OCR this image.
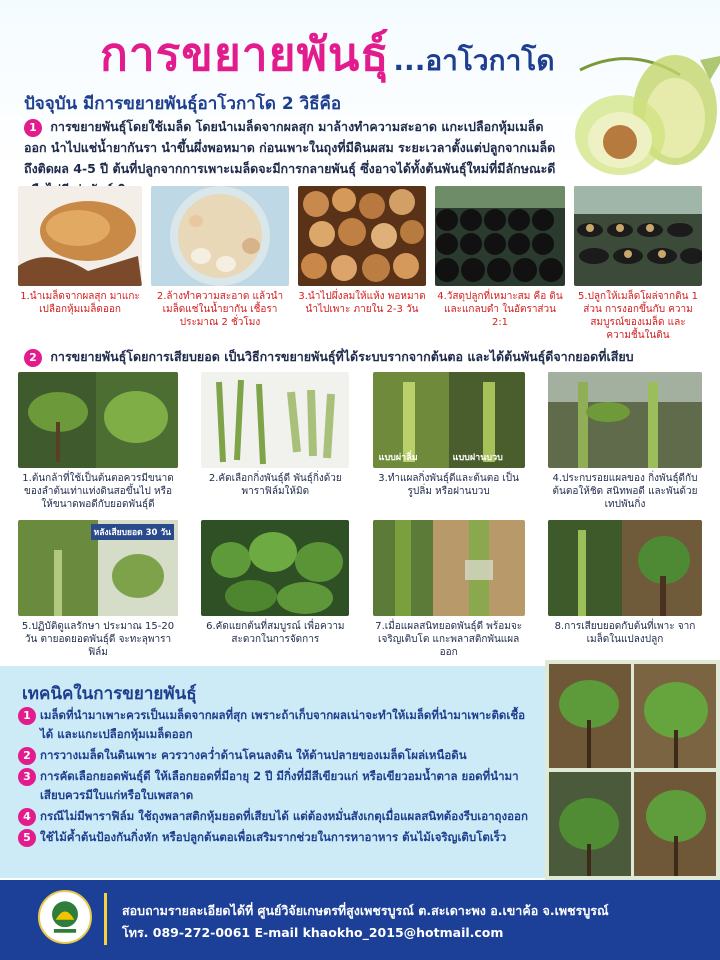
การขยายพันธุ์ ...อาโวกาโด
ปัจจุบัน มีการขยายพันธุ์อาโวกาโด 2 วิธีคือ
1 การขยายพันธุ์โดยใช้เมล็ด โดยนำเมล็ดจากผลสุก มาล้างทำความสะอาด แกะเปลือกหุ้มเมล็ดออก นำไปแช่น้ำยากันรา นำขึ้นผึ่งพอหมาด ก่อนเพาะในถุงที่มีดินผสม ระยะเวลาตั้งแต่ปลูกจากเมล็ดถึงติดผล 4-5 ปี ต้นที่ปลูกจากการเพาะเมล็ดจะมีการกลายพันธุ์ ซึ่งอาจได้ทั้งต้นพันธุ์ใหม่ที่มีลักษณะดี
1.นำเมล็ดจากผลสุก มาแกะเปลือกหุ้มเมล็ดออก
2.ล้างทำความสะอาด แล้วนำเมล็ดแช่ในน้ำยากัน เชื้อราประมาณ 2 ชั่วโมง
3.นำไปผึ่งลมให้แห้ง พอหมาด นำไปเพาะ ภายใน 2-3 วัน
4.วัสดุปลูกที่เหมาะสม คือ ดินและแกลบดำ ในอัตราส่วน 2:1
5.ปลูกให้เมล็ดโผล่จากดิน 1 ส่วน การงอกขึ้นกับ ความสมบูรณ์ของเมล็ด และความชื้นในดิน
2 การขยายพันธุ์โดยการเสียบยอด เป็นวิธีการขยายพันธุ์ที่ได้ระบบรากจากต้นตอ และได้ต้นพันธุ์ดีจากยอดที่เสียบ
1.ต้นกล้าที่ใช้เป็นต้นตอควรมีขนาด ของลำต้นเท่าแท่งดินสอขึ้นไป หรือ ให้ขนาดพอดีกับยอดพันธุ์ดี
2.คัดเลือกกิ่งพันธุ์ดี พันธุ์กิ่งด้วยพาราฟิล์มให้มิด
แบบผ่าลิ่ม	แบบฝานบวบ
3.ทำแผลกิ่งพันธุ์ดีและต้นตอ เป็นรูปลิ่ม หรือฝานบวบ
4.ประกบรอยแผลของ กิ่งพันธุ์ดีกับต้นตอให้ชิด สนิทพอดี และพันด้วยเทปพันกิ่ง
หลังเสียบยอด 30 วัน
5.ปฏิบัติดูแลรักษา ประมาณ 15-20 วัน ตายอดยอดพันธุ์ดี จะทะลุพาราฟิล์ม
6.คัดแยกต้นที่สมบูรณ์ เพื่อความสะดวกในการจัดการ
7.เมื่อแผลสนิทยอดพันธุ์ดี พร้อมจะเจริญเติบโต แกะพลาสติกพันแผลออก
8.การเสียบยอดกับต้นที่เพาะ จากเมล็ดในแปลงปลูก
เทคนิคในการขยายพันธุ์
1 เมล็ดที่นำมาเพาะควรเป็นเมล็ดจากผลที่สุก เพราะถ้าเก็บจากผลเน่าจะทำให้เมล็ดที่นำมาเพาะติดเชื้อได้ และแกะเปลือกหุ้มเมล็ดออก
2 การวางเมล็ดในดินเพาะ ควรวางคว่ำด้านโคนลงดิน ให้ด้านปลายของเมล็ดโผล่เหนือดิน
3 การคัดเลือกยอดพันธุ์ดี ให้เลือกยอดที่มีอายุ 2 ปี มีกิ่งที่มีสีเขียวแก่ หรือเขียวอมน้ำตาล ยอดที่นำมาเสียบควรมีใบแก่หรือใบเพสลาด
4 กรณีไม่มีพาราฟิล์ม ใช้ถุงพลาสติกหุ้มยอดที่เสียบได้ แต่ต้องหมั่นสังเกตุเมื่อแผลสนิทต้องรีบเอาถุงออก
5 ใช้ไม้ค้ำต้นป้องกันกิ่งหัก หรือปลูกต้นตอเพื่อเสริมรากช่วยในการหาอาหาร ต้นไม้เจริญเติบโตเร็ว
สอบถามรายละเอียดได้ที่ ศูนย์วิจัยเกษตรที่สูงเพชรบูรณ์ ต.สะเดาะพง อ.เขาค้อ จ.เพชรบูรณ์
โทร. 089-272-0061 E-mail khaokho_2015@hotmail.com
